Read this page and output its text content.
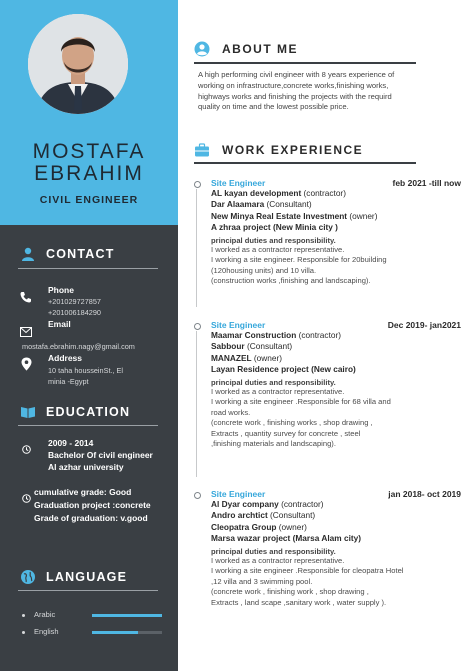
MOSTAFA
EBRAHIM
CIVIL ENGINEER
CONTACT
Phone
+201029727857
+201006184290
Email
mostafa.ebrahim.nagy@gmail.com
Address
10 taha housseinSt., El
minia -Egypt
EDUCATION
2009 - 2014
Bachelor Of civil engineer
Al azhar university
cumulative grade: Good
Graduation project :concrete
Grade of graduation: v.good
LANGUAGE
Arabic
English
ABOUT ME
A high performing civil engineer with 8 years experience of
working on infrastructure,concrete works,finishing works,
highways works and finishing the projects with the requird
quality on time and the lowest possible price.
WORK EXPERIENCE
Site Engineer	feb 2021 -till now
AL kayan development (contractor)
Dar Alaamara (Consultant)
New Minya Real Estate Investment (owner)
A zhraa project (New Minia city )
principal duties and responsibility.
I worked as a contractor representative.
I working a site engineer. Responsible for 20building
(120housing units) and 10 villa.
(construction works ,finishing and landscaping).
Site Engineer	Dec 2019- jan2021
Maamar Construction (contractor)
Sabbour (Consultant)
MANAZEL (owner)
Layan Residence project (New cairo)
principal duties and responsibility.
I worked as a contractor representative.
I working a site engineer .Responsible for 68 villa and
road works.
(concrete work , finishing works , shop drawing ,
Extracts , quantity survey for concrete , steel
,finishing materials and landscaping).
Site Engineer	jan 2018- oct 2019
Al Dyar company (contractor)
Andro archtict (Consultant)
Cleopatra Group (owner)
Marsa wazar project (Marsa Alam city)
principal duties and responsibility.
I worked as a contractor representative.
I working a site engineer .Responsible for cleopatra Hotel
,12 villa and 3 swimming pool.
(concrete work , finishing work , shop drawing ,
Extracts , land scape ,sanitary work , water supply ).
